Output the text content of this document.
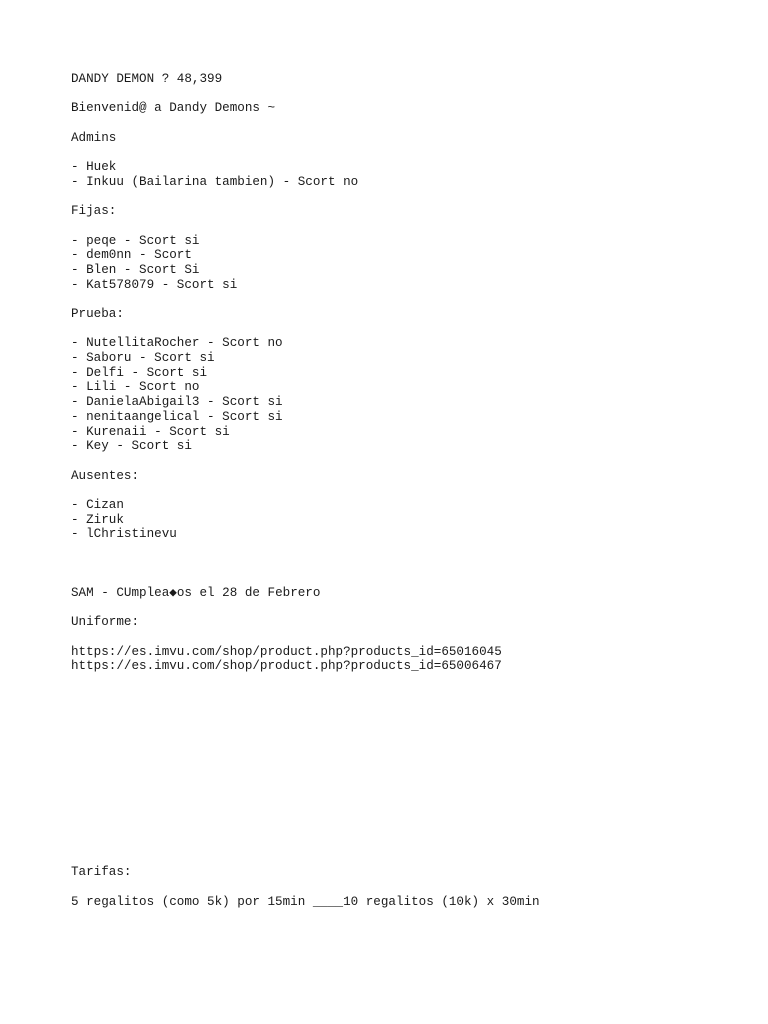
DANDY DEMON ? 48,399
Bienvenid@ a Dandy Demons ~
Admins
- Huek
- Inkuu (Bailarina tambien) - Scort no
Fijas:
- peqe - Scort si
- dem0nn - Scort
- Blen - Scort Si
- Kat578079 - Scort si
Prueba:
- NutellitaRocher - Scort no
- Saboru - Scort si
- Delfi - Scort si
- Lili - Scort no
- DanielaAbigail3 - Scort si
- nenitaangelical - Scort si
- Kurenaii - Scort si
- Key - Scort si
Ausentes:
- Cizan
- Ziruk
- lChristinevu
SAM - CUmplea◆os el 28 de Febrero
Uniforme:
https://es.imvu.com/shop/product.php?products_id=65016045
https://es.imvu.com/shop/product.php?products_id=65006467
Tarifas:
5 regalitos (como 5k) por 15min ____10 regalitos (10k) x 30min
